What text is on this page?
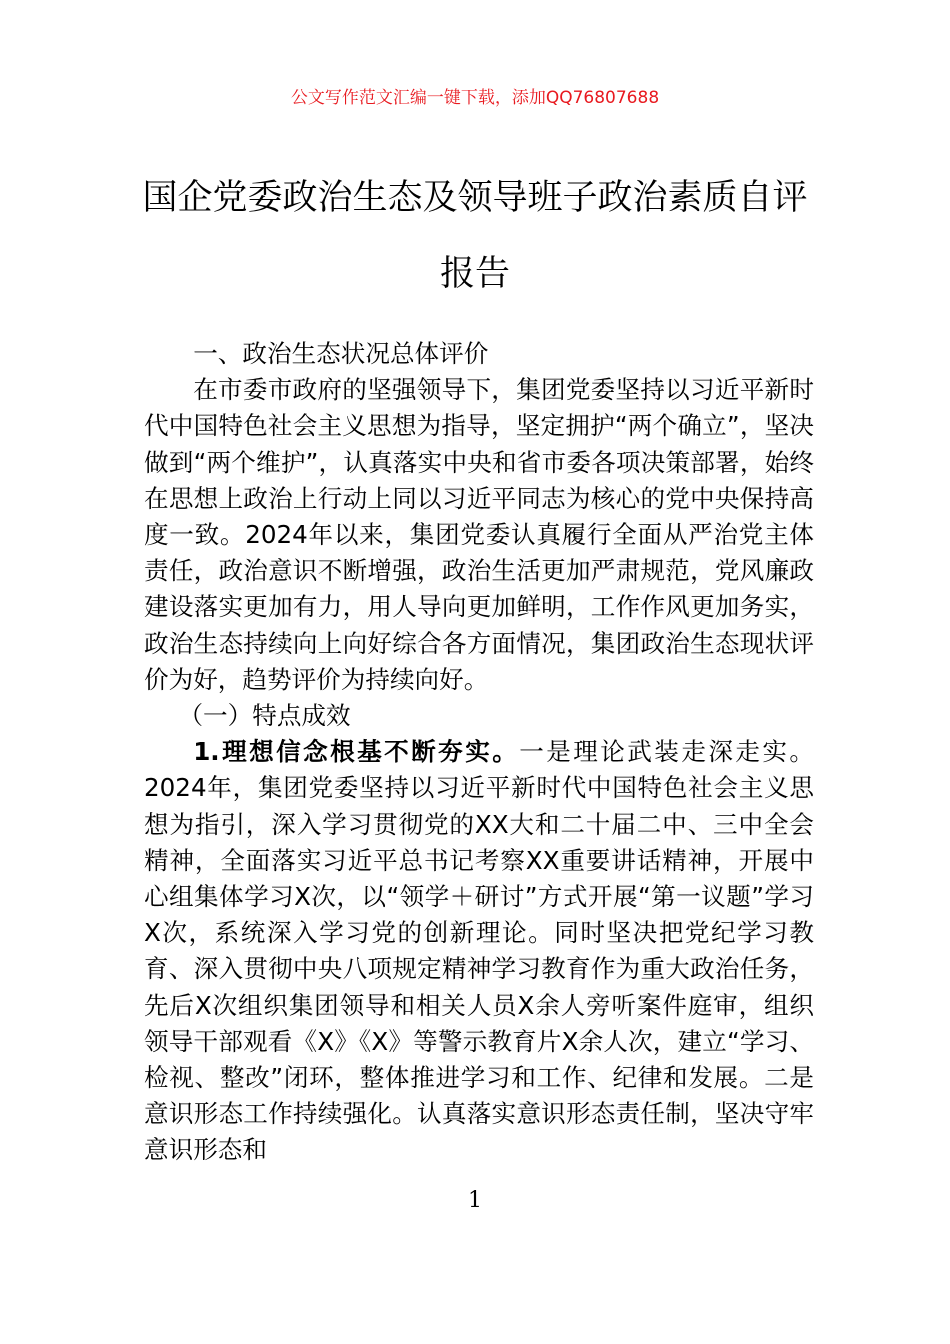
公文写作范文汇编一键下载，添加QQ76807688
国企党委政治生态及领导班子政治素质自评报告

一、政治生态状况总体评价

在市委市政府的坚强领导下，集团党委坚持以习近平新时代中国特色社会主义思想为指导，坚定拥护“两个确立”，坚决做到“两个维护”，认真落实中央和省市委各项决策部署，始终在思想上政治上行动上同以习近平同志为核心的党中央保持高度一致。2024年以来，集团党委认真履行全面从严治党主体责任，政治意识不断增强，政治生活更加严肃规范，党风廉政建设落实更加有力，用人导向更加鲜明，工作作风更加务实，政治生态持续向上向好综合各方面情况，集团政治生态现状评价为好，趋势评价为持续向好。

（一）特点成效

1.理想信念根基不断夯实。一是理论武装走深走实。2024年，集团党委坚持以习近平新时代中国特色社会主义思想为指引，深入学习贯彻党的XX大和二十届二中、三中全会精神，全面落实习近平总书记考察XX重要讲话精神，开展中心组集体学习X次，以“领学＋研讨”方式开展“第一议题”学习X次，系统深入学习党的创新理论。同时坚决把党纪学习教育、深入贯彻中央八项规定精神学习教育作为重大政治任务，先后X次组织集团领导和相关人员X余人旁听案件庭审，组织领导干部观看《X》《X》等警示教育片X余人次，建立“学习、检视、整改”闭环，整体推进学习和工作、纪律和发展。二是意识形态工作持续强化。认真落实意识形态责任制，坚决守牢意识形态和

1
